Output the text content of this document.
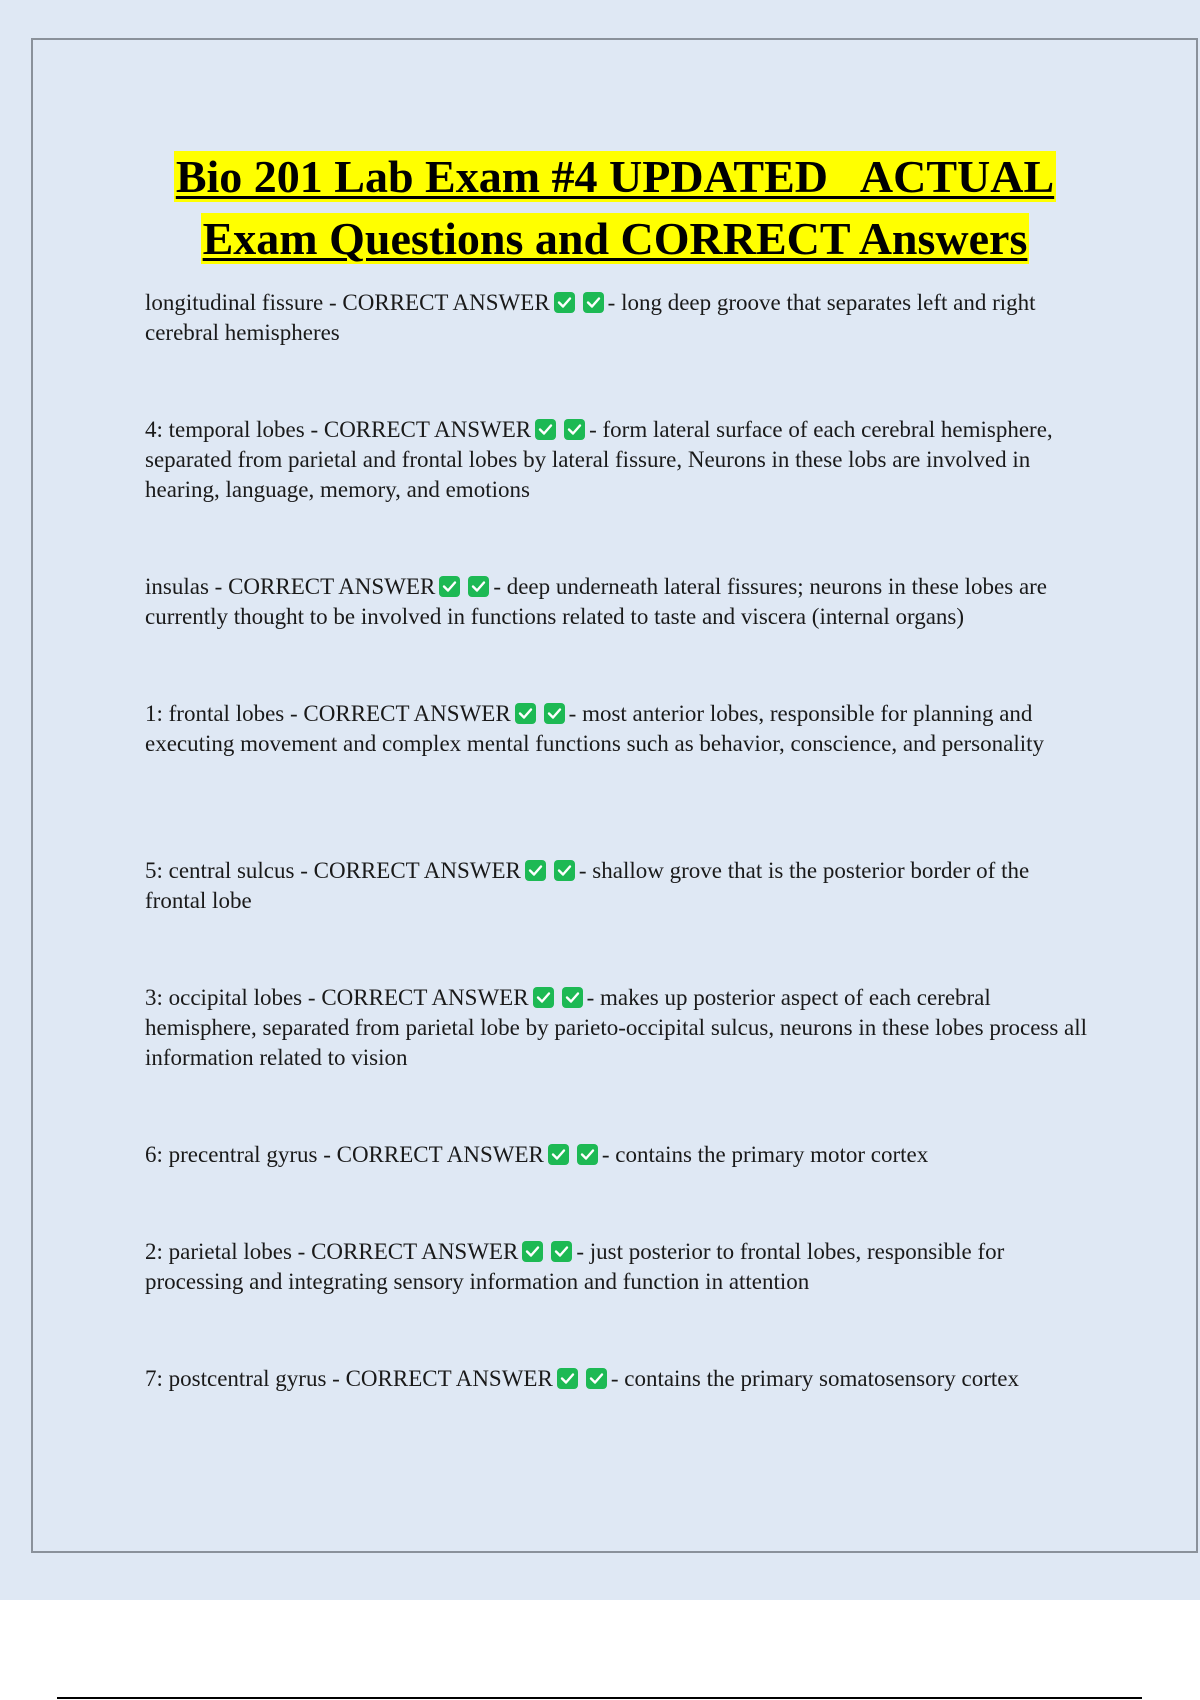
Bio 201 Lab Exam #4 UPDATED   ACTUAL
Exam Questions and CORRECT Answers

longitudinal fissure - CORRECT ANSWER	- long deep groove that separates left and right cerebral hemispheres

4: temporal lobes - CORRECT ANSWER	- form lateral surface of each cerebral hemisphere, separated from parietal and frontal lobes by lateral fissure, Neurons in these lobs are involved in hearing, language, memory, and emotions

insulas - CORRECT ANSWER	- deep underneath lateral fissures; neurons in these lobes are currently thought to be involved in functions related to taste and viscera (internal organs)

1: frontal lobes - CORRECT ANSWER	- most anterior lobes, responsible for planning and executing movement and complex mental functions such as behavior, conscience, and personality

5: central sulcus - CORRECT ANSWER	- shallow grove that is the posterior border of the frontal lobe

3: occipital lobes - CORRECT ANSWER	- makes up posterior aspect of each cerebral hemisphere, separated from parietal lobe by parieto-occipital sulcus, neurons in these lobes process all information related to vision

6: precentral gyrus - CORRECT ANSWER	- contains the primary motor cortex

2: parietal lobes - CORRECT ANSWER	- just posterior to frontal lobes, responsible for processing and integrating sensory information and function in attention

7: postcentral gyrus - CORRECT ANSWER	- contains the primary somatosensory cortex
